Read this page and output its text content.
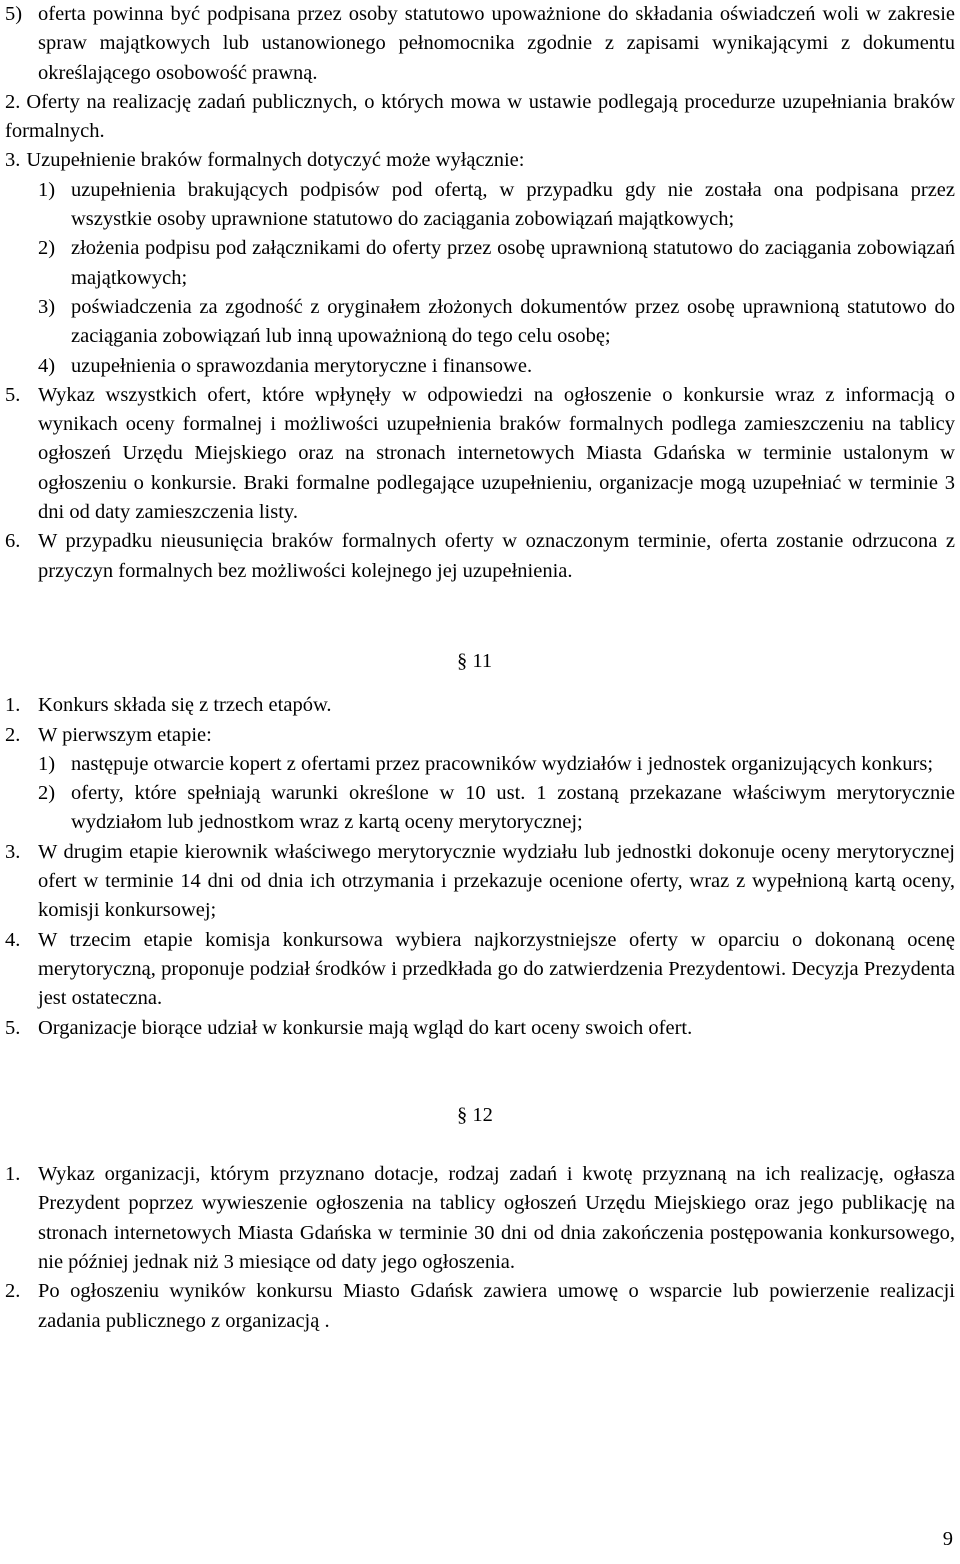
5) oferta powinna być podpisana przez osoby statutowo upoważnione do składania oświadczeń woli w zakresie spraw majątkowych lub ustanowionego pełnomocnika zgodnie z zapisami wynikającymi z dokumentu określającego osobowość prawną.
2. Oferty na realizację zadań publicznych, o których mowa w ustawie podlegają procedurze uzupełniania braków formalnych.
3. Uzupełnienie braków formalnych dotyczyć może wyłącznie:
1) uzupełnienia brakujących podpisów pod ofertą, w przypadku gdy nie została ona podpisana przez wszystkie osoby uprawnione statutowo do zaciągania zobowiązań majątkowych;
2) złożenia podpisu pod załącznikami do oferty przez osobę uprawnioną statutowo do zaciągania zobowiązań majątkowych;
3) poświadczenia za zgodność z oryginałem złożonych dokumentów przez osobę uprawnioną statutowo do zaciągania zobowiązań lub inną upoważnioną do tego celu osobę;
4) uzupełnienia o sprawozdania merytoryczne i finansowe.
5. Wykaz wszystkich ofert, które wpłynęły w odpowiedzi na ogłoszenie o konkursie wraz z informacją o wynikach oceny formalnej i możliwości uzupełnienia braków formalnych podlega zamieszczeniu na tablicy ogłoszeń Urzędu Miejskiego oraz na stronach internetowych Miasta Gdańska w terminie ustalonym w ogłoszeniu o konkursie. Braki formalne podlegające uzupełnieniu, organizacje mogą uzupełniać w terminie 3 dni od daty zamieszczenia listy.
6. W przypadku nieusunięcia braków formalnych oferty w oznaczonym terminie, oferta zostanie odrzucona z przyczyn formalnych bez możliwości kolejnego jej uzupełnienia.
§ 11
1. Konkurs składa się z trzech etapów.
2. W pierwszym etapie:
1) następuje otwarcie kopert z ofertami przez pracowników wydziałów i jednostek organizujących konkurs;
2) oferty, które spełniają warunki określone w 10 ust. 1 zostaną przekazane właściwym merytorycznie wydziałom lub jednostkom wraz z kartą oceny merytorycznej;
3. W drugim etapie kierownik właściwego merytorycznie wydziału lub jednostki dokonuje oceny merytorycznej ofert w terminie 14 dni od dnia ich otrzymania i przekazuje ocenione oferty, wraz z wypełnioną kartą oceny, komisji konkursowej;
4. W trzecim etapie komisja konkursowa wybiera najkorzystniejsze oferty w oparciu o dokonaną ocenę merytoryczną, proponuje podział środków i przedkłada go do zatwierdzenia Prezydentowi. Decyzja Prezydenta jest ostateczna.
5. Organizacje biorące udział w konkursie mają wgląd do kart oceny swoich ofert.
§ 12
1. Wykaz organizacji, którym przyznano dotacje, rodzaj zadań i kwotę przyznaną na ich realizację, ogłasza Prezydent poprzez wywieszenie ogłoszenia na tablicy ogłoszeń Urzędu Miejskiego oraz jego publikację na stronach internetowych Miasta Gdańska w terminie 30 dni od dnia zakończenia postępowania konkursowego, nie później jednak niż 3 miesiące od daty jego ogłoszenia.
2. Po ogłoszeniu wyników konkursu Miasto Gdańsk zawiera umowę o wsparcie lub powierzenie realizacji zadania publicznego z organizacją .
9
